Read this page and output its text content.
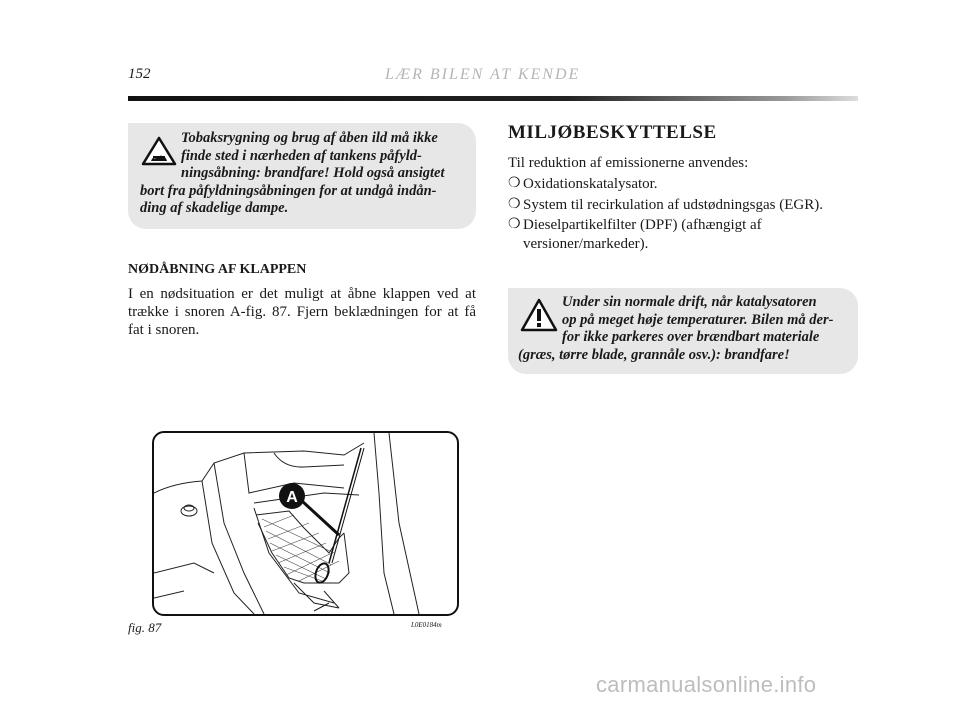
152	LÆR BILEN AT KENDE
Tobaksrygning og brug af åben ild må ikke
finde sted i nærheden af tankens påfyld-
ningsåbning: brandfare! Hold også ansigtet
bort fra påfyldningsåbningen for at undgå indån-
ding af skadelige dampe.
NØDÅBNING AF KLAPPEN
I en nødsituation er det muligt at åbne klappen ved at trække i snoren A-fig. 87. Fjern beklædningen for at få fat i snoren.
MILJØBESKYTTELSE
Til reduktion af emissionerne anvendes:
❍ Oxidationskatalysator.
❍ System til recirkulation af udstødningsgas (EGR).
❍ Dieselpartikelfilter (DPF) (afhængigt af versioner/markeder).
Under sin normale drift, når katalysatoren
op på meget høje temperaturer. Bilen må der-
for ikke parkeres over brændbart materiale
(græs, tørre blade, grannåle osv.): brandfare!
A
fig. 87	L0E0184m
carmanualsonline.info
